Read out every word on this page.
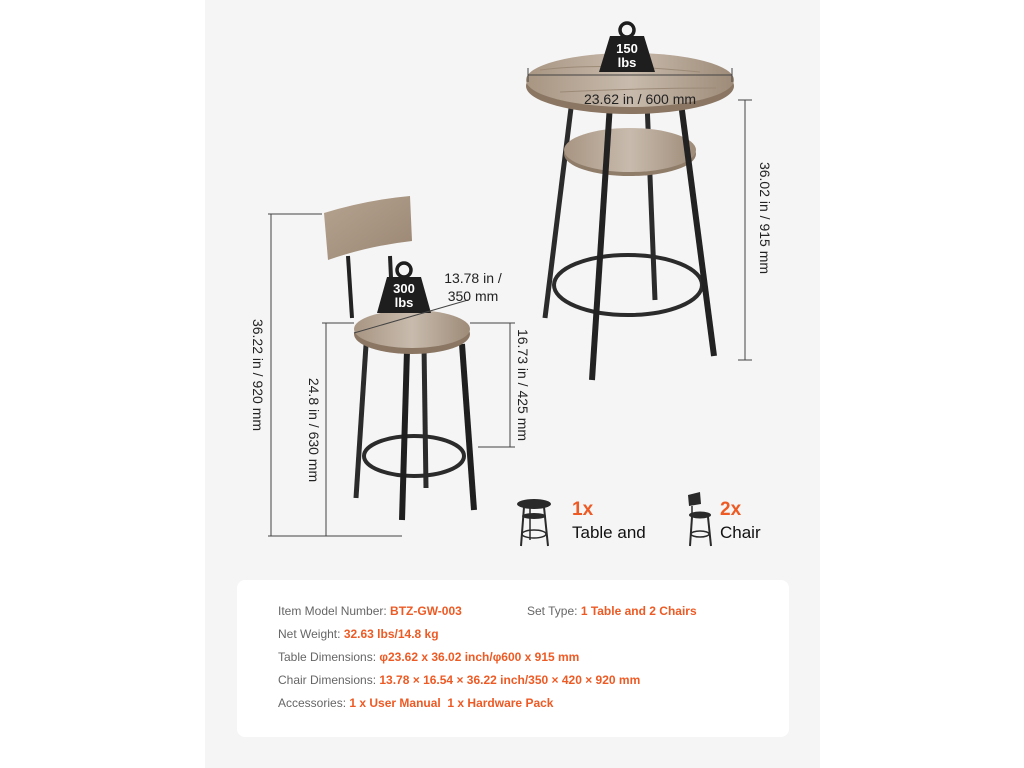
150
lbs
23.62 in / 600 mm
36.02 in / 915 mm
300
lbs
13.78 in /
350 mm
36.22 in / 920 mm	24.8 in / 630 mm	16.73 in / 425 mm
1x
Table and
2x
Chair
Item Model Number: BTZ-GW-003	Set Type: 1 Table and 2 Chairs
Net Weight: 32.63 lbs/14.8 kg
Table Dimensions: φ23.62 x 36.02 inch/φ600 x 915 mm
Chair Dimensions: 13.78 × 16.54 × 36.22 inch/350 × 420 × 920 mm
Accessories: 1 x User Manual  1 x Hardware Pack
